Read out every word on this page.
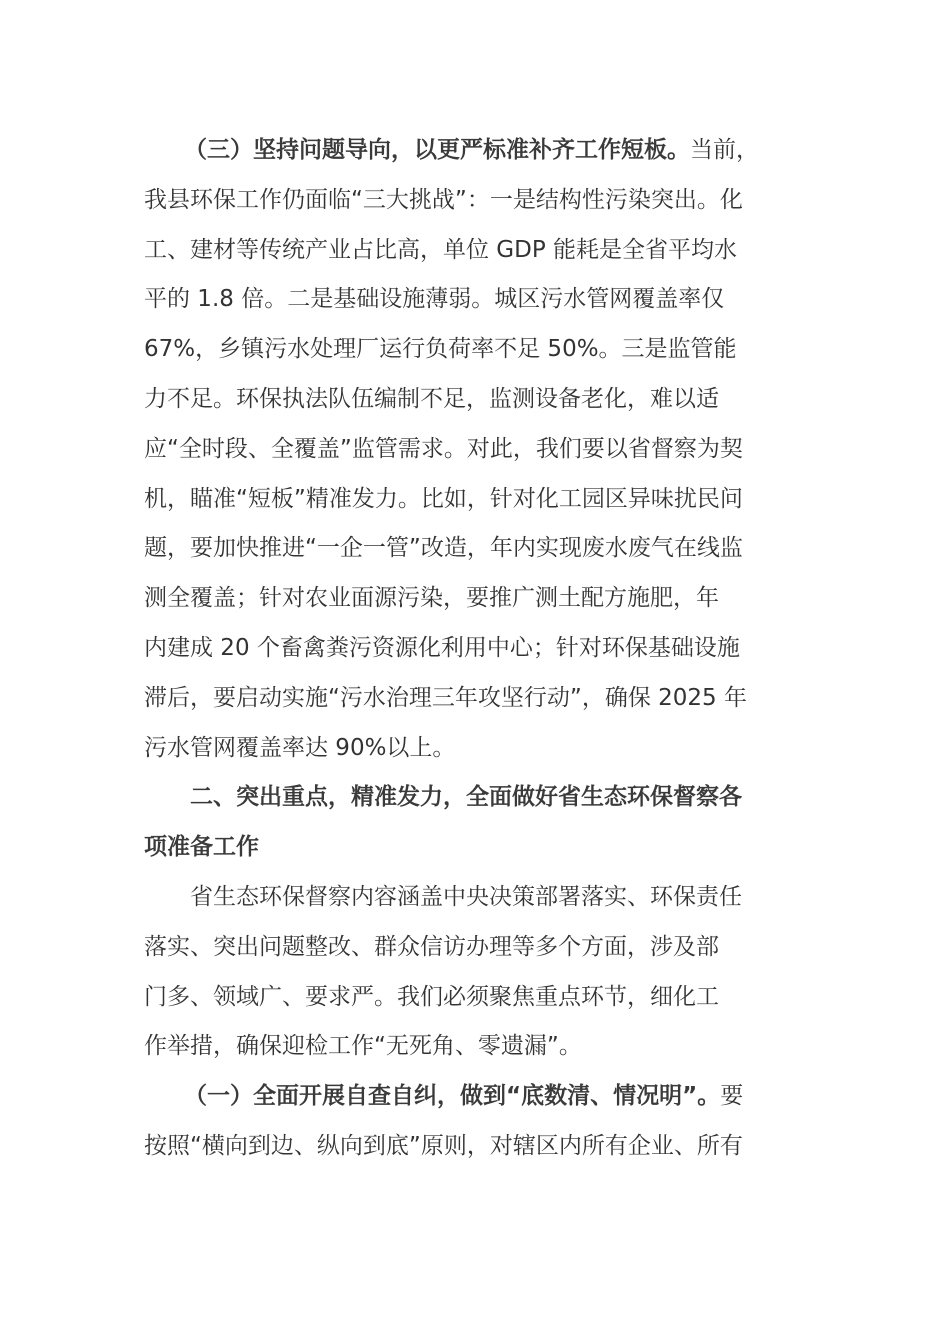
（三）坚持问题导向，以更严标准补齐工作短板。当前，
我县环保工作仍面临“三大挑战”：一是结构性污染突出。化
工、建材等传统产业占比高，单位 GDP 能耗是全省平均水
平的 1.8 倍。二是基础设施薄弱。城区污水管网覆盖率仅
67%，乡镇污水处理厂运行负荷率不足 50%。三是监管能
力不足。环保执法队伍编制不足，监测设备老化，难以适
应“全时段、全覆盖”监管需求。对此，我们要以省督察为契
机，瞄准“短板”精准发力。比如，针对化工园区异味扰民问
题，要加快推进“一企一管”改造，年内实现废水废气在线监
测全覆盖；针对农业面源污染，要推广测土配方施肥，年
内建成 20 个畜禽粪污资源化利用中心；针对环保基础设施
滞后，要启动实施“污水治理三年攻坚行动”，确保 2025 年
污水管网覆盖率达 90%以上。
二、突出重点，精准发力，全面做好省生态环保督察各
项准备工作
省生态环保督察内容涵盖中央决策部署落实、环保责任
落实、突出问题整改、群众信访办理等多个方面，涉及部
门多、领域广、要求严。我们必须聚焦重点环节，细化工
作举措，确保迎检工作“无死角、零遗漏”。
（一）全面开展自查自纠，做到“底数清、情况明”。要
按照“横向到边、纵向到底”原则，对辖区内所有企业、所有
